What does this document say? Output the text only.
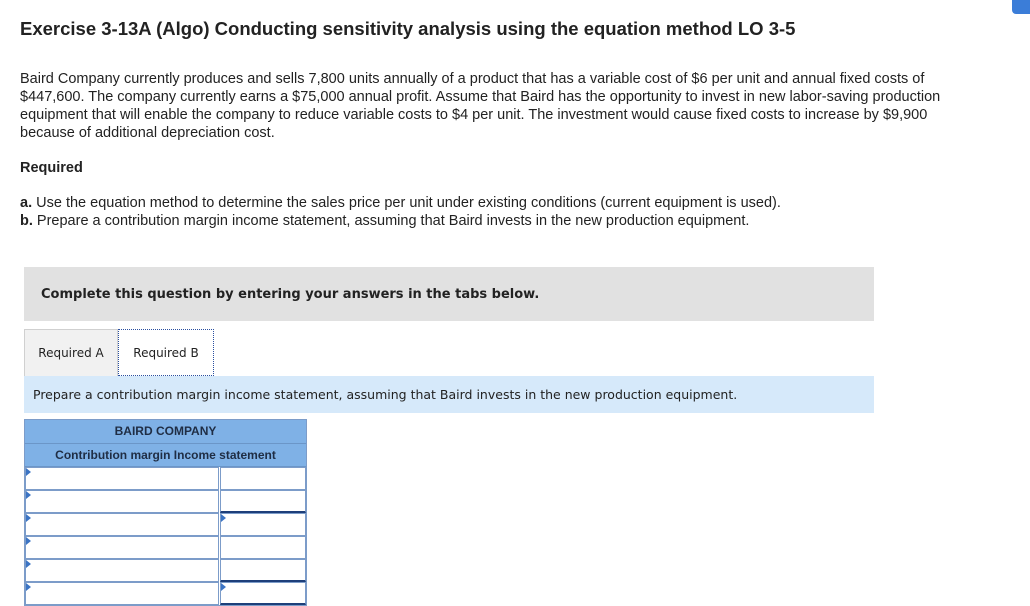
Exercise 3-13A (Algo) Conducting sensitivity analysis using the equation method LO 3-5

Baird Company currently produces and sells 7,800 units annually of a product that has a variable cost of $6 per unit and annual fixed costs of $447,600. The company currently earns a $75,000 annual profit. Assume that Baird has the opportunity to invest in new labor-saving production equipment that will enable the company to reduce variable costs to $4 per unit. The investment would cause fixed costs to increase by $9,900 because of additional depreciation cost.

Required

a. Use the equation method to determine the sales price per unit under existing conditions (current equipment is used).
b. Prepare a contribution margin income statement, assuming that Baird invests in the new production equipment.
Complete this question by entering your answers in the tabs below.
Required A Required B
Prepare a contribution margin income statement, assuming that Baird invests in the new production equipment.
BAIRD COMPANY
Contribution margin Income statement
